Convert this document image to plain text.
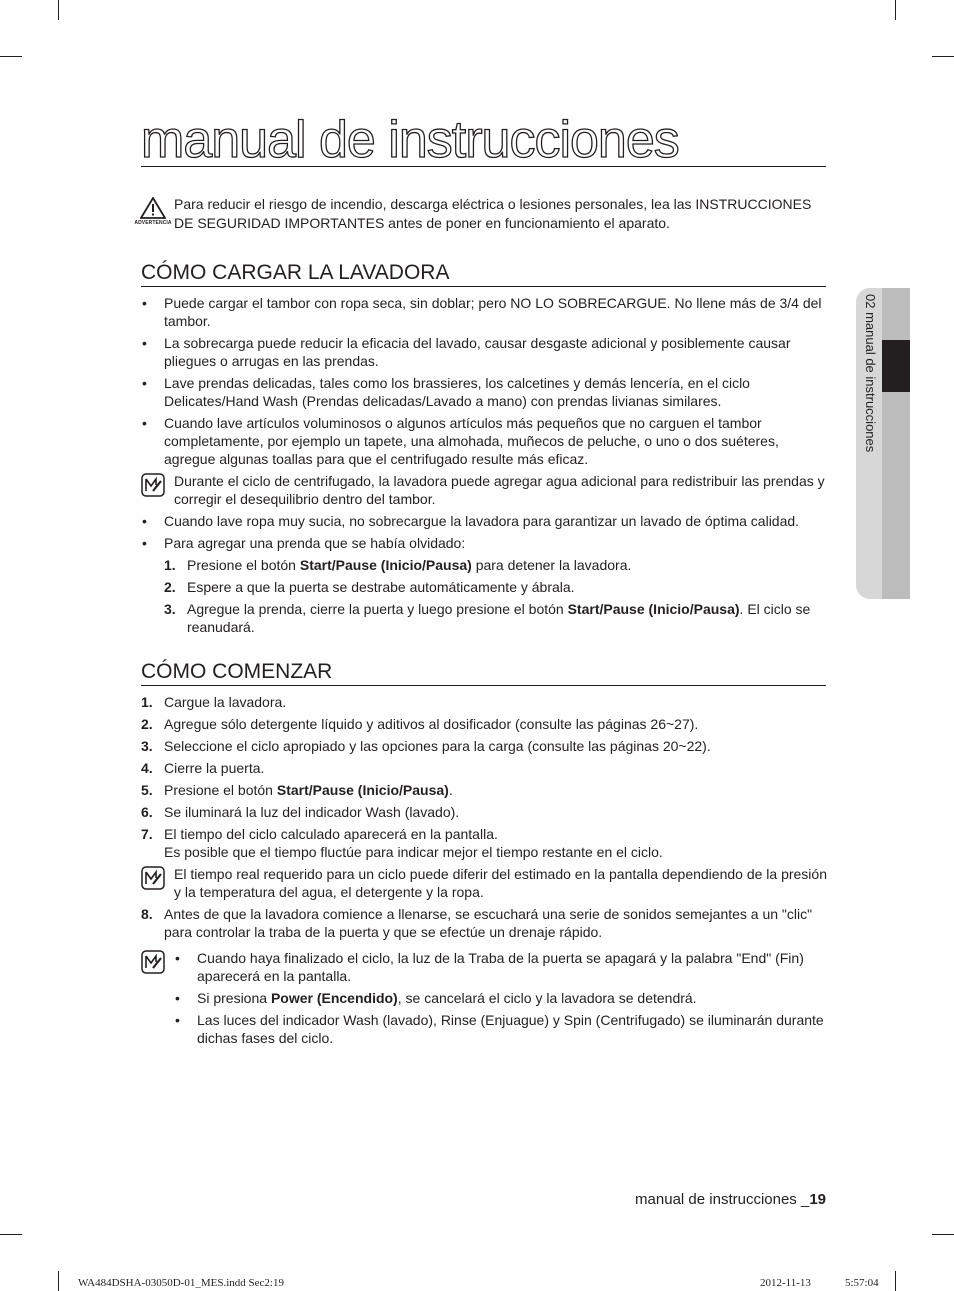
manual de instrucciones
ADVERTENCIA
Para reducir el riesgo de incendio, descarga eléctrica o lesiones personales, lea las INSTRUCCIONES DE SEGURIDAD IMPORTANTES antes de poner en funcionamiento el aparato.
CÓMO CARGAR LA LAVADORA
• Puede cargar el tambor con ropa seca, sin doblar; pero NO LO SOBRECARGUE. No llene más de 3/4 del tambor.
• La sobrecarga puede reducir la eficacia del lavado, causar desgaste adicional y posiblemente causar pliegues o arrugas en las prendas.
• Lave prendas delicadas, tales como los brassieres, los calcetines y demás lencería, en el ciclo Delicates/Hand Wash (Prendas delicadas/Lavado a mano) con prendas livianas similares.
• Cuando lave artículos voluminosos o algunos artículos más pequeños que no carguen el tambor completamente, por ejemplo un tapete, una almohada, muñecos de peluche, o uno o dos suéteres, agregue algunas toallas para que el centrifugado resulte más eficaz.
Durante el ciclo de centrifugado, la lavadora puede agregar agua adicional para redistribuir las prendas y corregir el desequilibrio dentro del tambor.
• Cuando lave ropa muy sucia, no sobrecargue la lavadora para garantizar un lavado de óptima calidad.
• Para agregar una prenda que se había olvidado:
1. Presione el botón Start/Pause (Inicio/Pausa) para detener la lavadora.
2. Espere a que la puerta se destrabe automáticamente y ábrala.
3. Agregue la prenda, cierre la puerta y luego presione el botón Start/Pause (Inicio/Pausa). El ciclo se reanudará.
CÓMO COMENZAR
1. Cargue la lavadora.
2. Agregue sólo detergente líquido y aditivos al dosificador (consulte las páginas 26~27).
3. Seleccione el ciclo apropiado y las opciones para la carga (consulte las páginas 20~22).
4. Cierre la puerta.
5. Presione el botón Start/Pause (Inicio/Pausa).
6. Se iluminará la luz del indicador Wash (lavado).
7. El tiempo del ciclo calculado aparecerá en la pantalla.
Es posible que el tiempo fluctúe para indicar mejor el tiempo restante en el ciclo.
El tiempo real requerido para un ciclo puede diferir del estimado en la pantalla dependiendo de la presión y la temperatura del agua, el detergente y la ropa.
8. Antes de que la lavadora comience a llenarse, se escuchará una serie de sonidos semejantes a un "clic" para controlar la traba de la puerta y que se efectúe un drenaje rápido.
• Cuando haya finalizado el ciclo, la luz de la Traba de la puerta se apagará y la palabra "End" (Fin) aparecerá en la pantalla.
• Si presiona Power (Encendido), se cancelará el ciclo y la lavadora se detendrá.
• Las luces del indicador Wash (lavado), Rinse (Enjuague) y Spin (Centrifugado) se iluminarán durante dichas fases del ciclo.
02 manual de instrucciones
manual de instrucciones _19
WA484DSHA-03050D-01_MES.indd Sec2:19	2012-11-13	5:57:04
